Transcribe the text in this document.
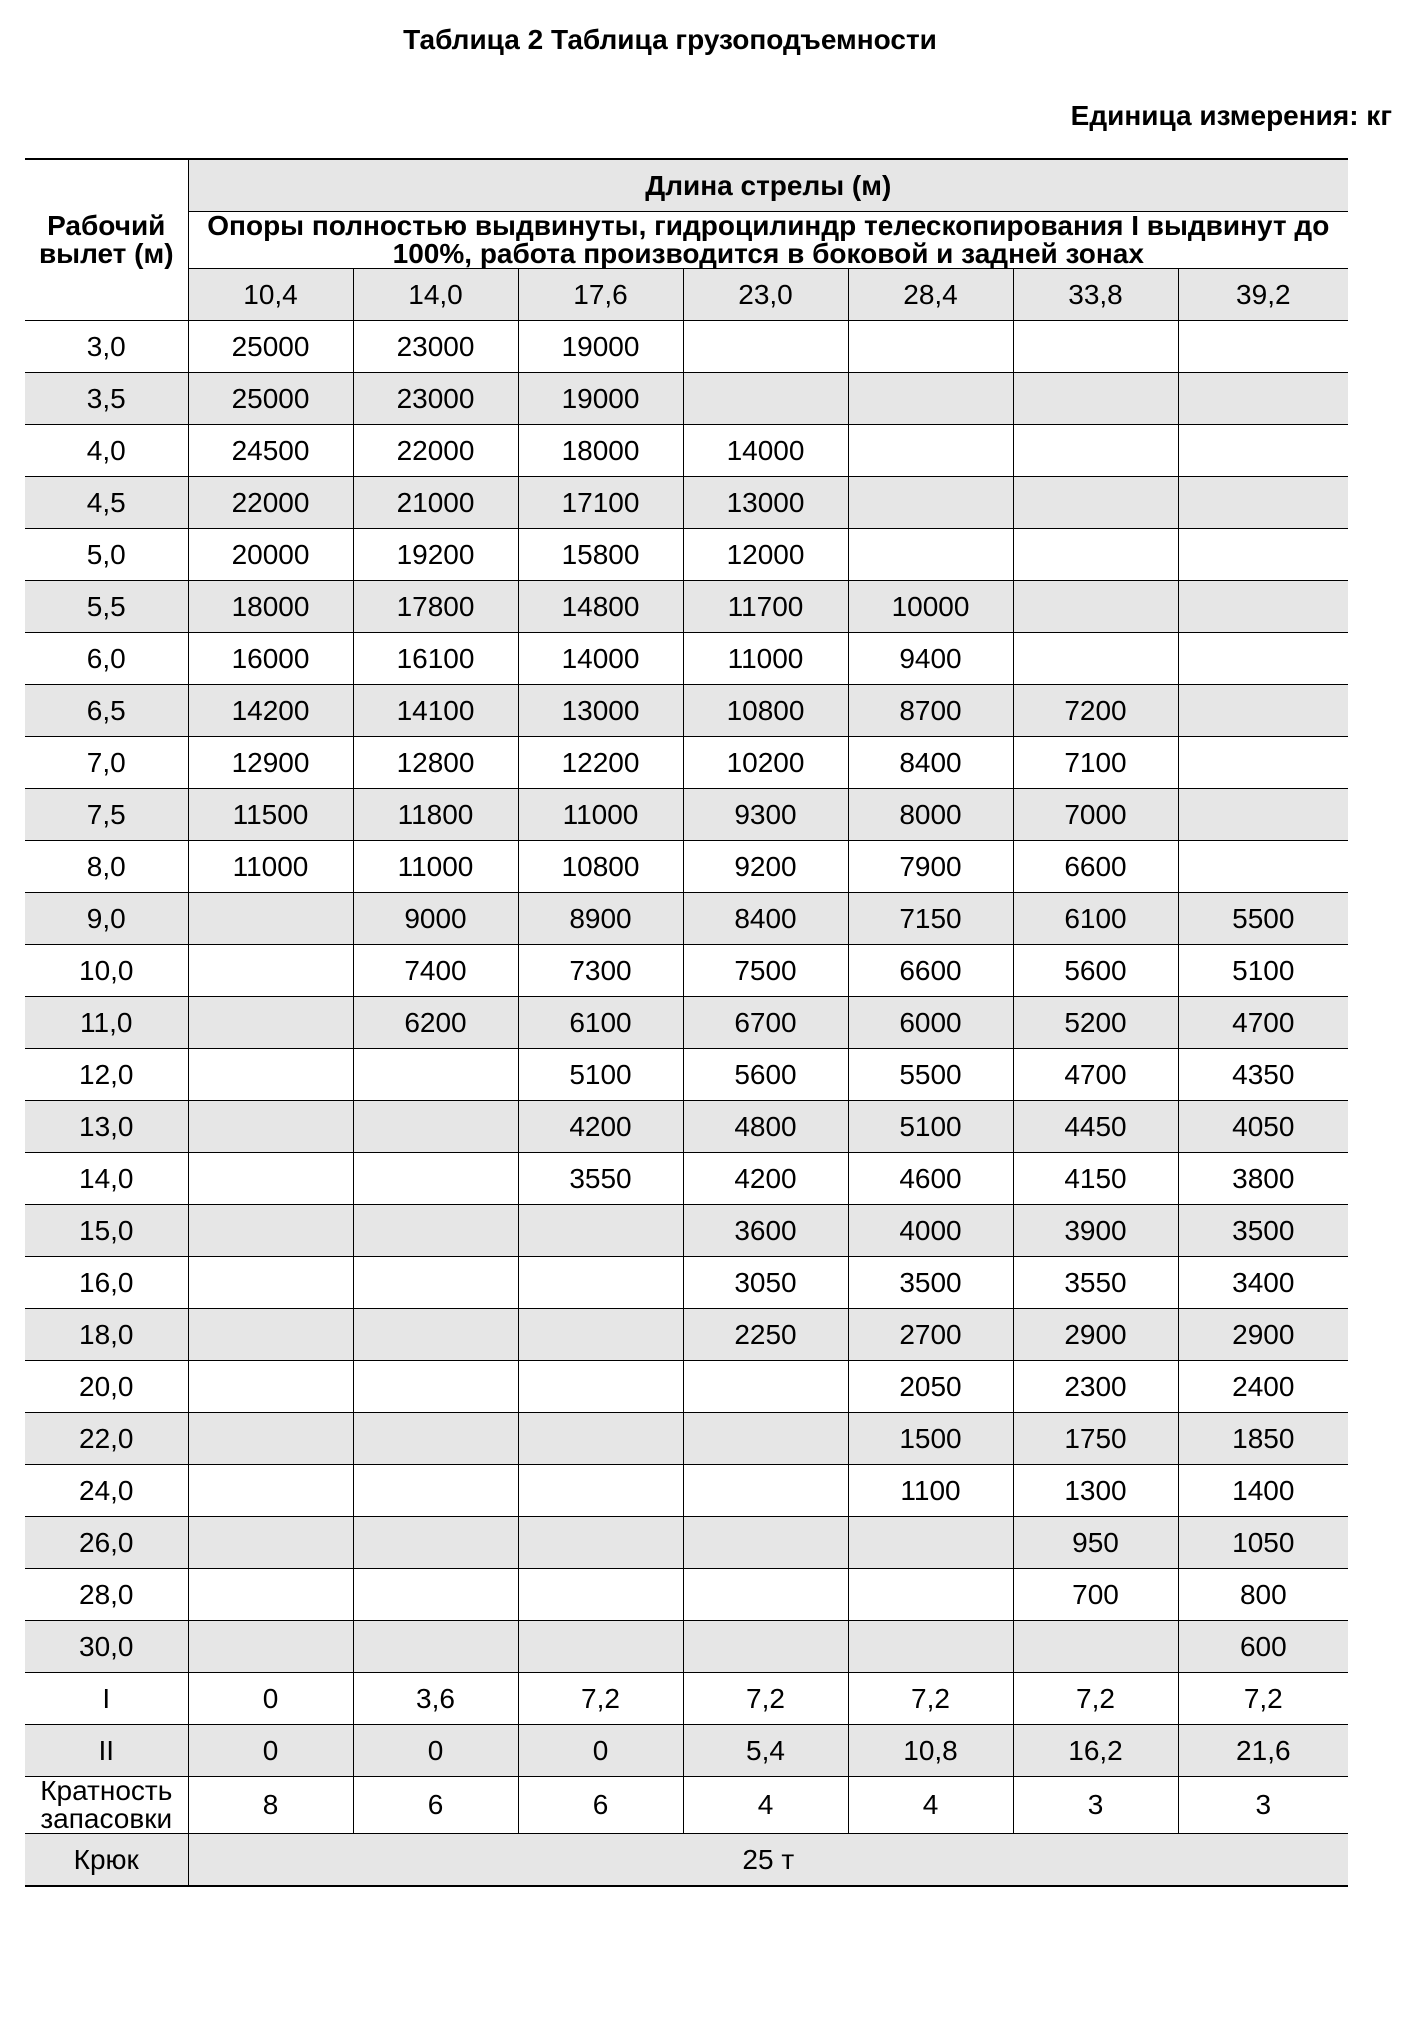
Таблица 2 Таблица грузоподъемности
Единица измерения: кг
Рабочий вылет (м)	Длина стрелы (м)						
	Опоры полностью выдвинуты, гидроцилиндр телескопирования I выдвинут до 100%, работа производится в боковой и задней зонах						
	10,4	14,0	17,6	23,0	28,4	33,8	39,2
3,0	25000	23000	19000				
3,5	25000	23000	19000				
4,0	24500	22000	18000	14000			
4,5	22000	21000	17100	13000			
5,0	20000	19200	15800	12000			
5,5	18000	17800	14800	11700	10000		
6,0	16000	16100	14000	11000	9400		
6,5	14200	14100	13000	10800	8700	7200	
7,0	12900	12800	12200	10200	8400	7100	
7,5	11500	11800	11000	9300	8000	7000	
8,0	11000	11000	10800	9200	7900	6600	
9,0		9000	8900	8400	7150	6100	5500
10,0		7400	7300	7500	6600	5600	5100
11,0		6200	6100	6700	6000	5200	4700
12,0			5100	5600	5500	4700	4350
13,0			4200	4800	5100	4450	4050
14,0			3550	4200	4600	4150	3800
15,0				3600	4000	3900	3500
16,0				3050	3500	3550	3400
18,0				2250	2700	2900	2900
20,0					2050	2300	2400
22,0					1500	1750	1850
24,0					1100	1300	1400
26,0						950	1050
28,0						700	800
30,0							600
I	0	3,6	7,2	7,2	7,2	7,2	7,2
II	0	0	0	5,4	10,8	16,2	21,6
Кратность запасовки	8	6	6	4	4	3	3
Крюк	25 т						
